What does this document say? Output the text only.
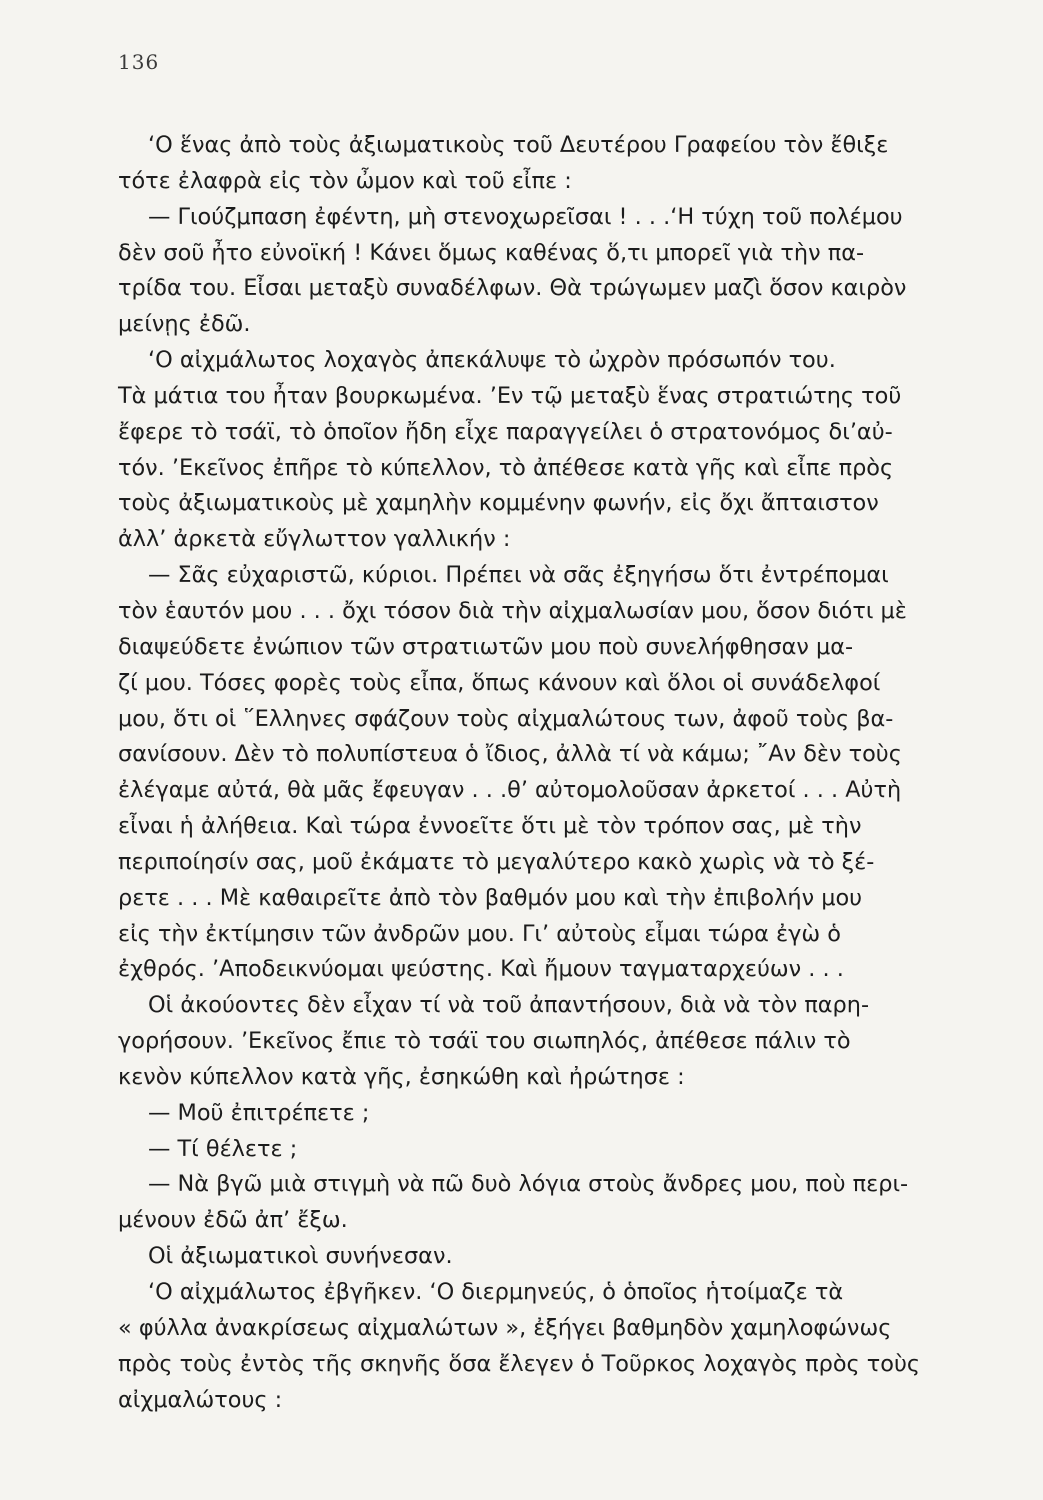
136
‘Ο ἕνας ἀπὸ τοὺς ἀξιωματικοὺς τοῦ Δευτέρου Γραφείου τὸν ἔθιξε
τότε ἐλαφρὰ εἰς τὸν ὦμον καὶ τοῦ εἶπε :
— Γιούζμπαση ἐφέντη, μὴ στενοχωρεῖσαι ! . . .‘Η τύχη τοῦ πολέμου
δὲν σοῦ ἦτο εὐνοϊκή ! Κάνει ὅμως καθένας ὅ,τι μπορεῖ γιὰ τὴν πα-
τρίδα του. Εἶσαι μεταξὺ συναδέλφων. Θὰ τρώγωμεν μαζὶ ὅσον καιρὸν
μείνῃς ἐδῶ.
‘Ο αἰχμάλωτος λοχαγὸς ἀπεκάλυψε τὸ ὠχρὸν πρόσωπόν του.
Τὰ μάτια του ἦταν βουρκωμένα. ’Εν τῷ μεταξὺ ἕνας στρατιώτης τοῦ
ἔφερε τὸ τσάϊ, τὸ ὁποῖον ἤδη εἶχε παραγγείλει ὁ στρατονόμος δι’αὐ-
τόν. ’Εκεῖνος ἐπῆρε τὸ κύπελλον, τὸ ἀπέθεσε κατὰ γῆς καὶ εἶπε πρὸς
τοὺς ἀξιωματικοὺς μὲ χαμηλὴν κομμένην φωνήν, εἰς ὄχι ἄπταιστον
ἀλλ’ ἀρκετὰ εὔγλωττον γαλλικήν :
— Σᾶς εὐχαριστῶ, κύριοι. Πρέπει νὰ σᾶς ἐξηγήσω ὅτι ἐντρέπομαι
τὸν ἑαυτόν μου . . . ὄχι τόσον διὰ τὴν αἰχμαλωσίαν μου, ὅσον διότι μὲ
διαψεύδετε ἐνώπιον τῶν στρατιωτῶν μου ποὺ συνελήφθησαν μα-
ζί μου. Τόσες φορὲς τοὺς εἶπα, ὅπως κάνουν καὶ ὅλοι οἱ συνάδελφοί
μου, ὅτι οἱ ῞Ελληνες σφάζουν τοὺς αἰχμαλώτους των, ἀφοῦ τοὺς βα-
σανίσουν. Δὲν τὸ πολυπίστευα ὁ ἴδιος, ἀλλὰ τί νὰ κάμω; ῎Αν δὲν τοὺς
ἐλέγαμε αὐτά, θὰ μᾶς ἔφευγαν . . .θ’ αὐτομολοῦσαν ἀρκετοί . . . Αὐτὴ
εἶναι ἡ ἀλήθεια. Καὶ τώρα ἐννοεῖτε ὅτι μὲ τὸν τρόπον σας, μὲ τὴν
περιποίησίν σας, μοῦ ἐκάματε τὸ μεγαλύτερο κακὸ χωρὶς νὰ τὸ ξέ-
ρετε . . . Μὲ καθαιρεῖτε ἀπὸ τὸν βαθμόν μου καὶ τὴν ἐπιβολήν μου
εἰς τὴν ἐκτίμησιν τῶν ἀνδρῶν μου. Γι’ αὐτοὺς εἶμαι τώρα ἐγὼ ὁ
ἐχθρός. ’Αποδεικνύομαι ψεύστης. Καὶ ἤμουν ταγματαρχεύων . . .
Οἱ ἀκούοντες δὲν εἶχαν τί νὰ τοῦ ἀπαντήσουν, διὰ νὰ τὸν παρη-
γορήσουν. ’Εκεῖνος ἔπιε τὸ τσάϊ του σιωπηλός, ἀπέθεσε πάλιν τὸ
κενὸν κύπελλον κατὰ γῆς, ἐσηκώθη καὶ ἠρώτησε :
— Μοῦ ἐπιτρέπετε ;
— Τί θέλετε ;
— Νὰ βγῶ μιὰ στιγμὴ νὰ πῶ δυὸ λόγια στοὺς ἄνδρες μου, ποὺ περι-
μένουν ἐδῶ ἀπ’ ἔξω.
Οἱ ἀξιωματικοὶ συνήνεσαν.
‘Ο αἰχμάλωτος ἐβγῆκεν. ‘Ο διερμηνεύς, ὁ ὁποῖος ἡτοίμαζε τὰ
« φύλλα ἀνακρίσεως αἰχμαλώτων », ἐξήγει βαθμηδὸν χαμηλοφώνως
πρὸς τοὺς ἐντὸς τῆς σκηνῆς ὅσα ἔλεγεν ὁ Τοῦρκος λοχαγὸς πρὸς τοὺς
αἰχμαλώτους :
